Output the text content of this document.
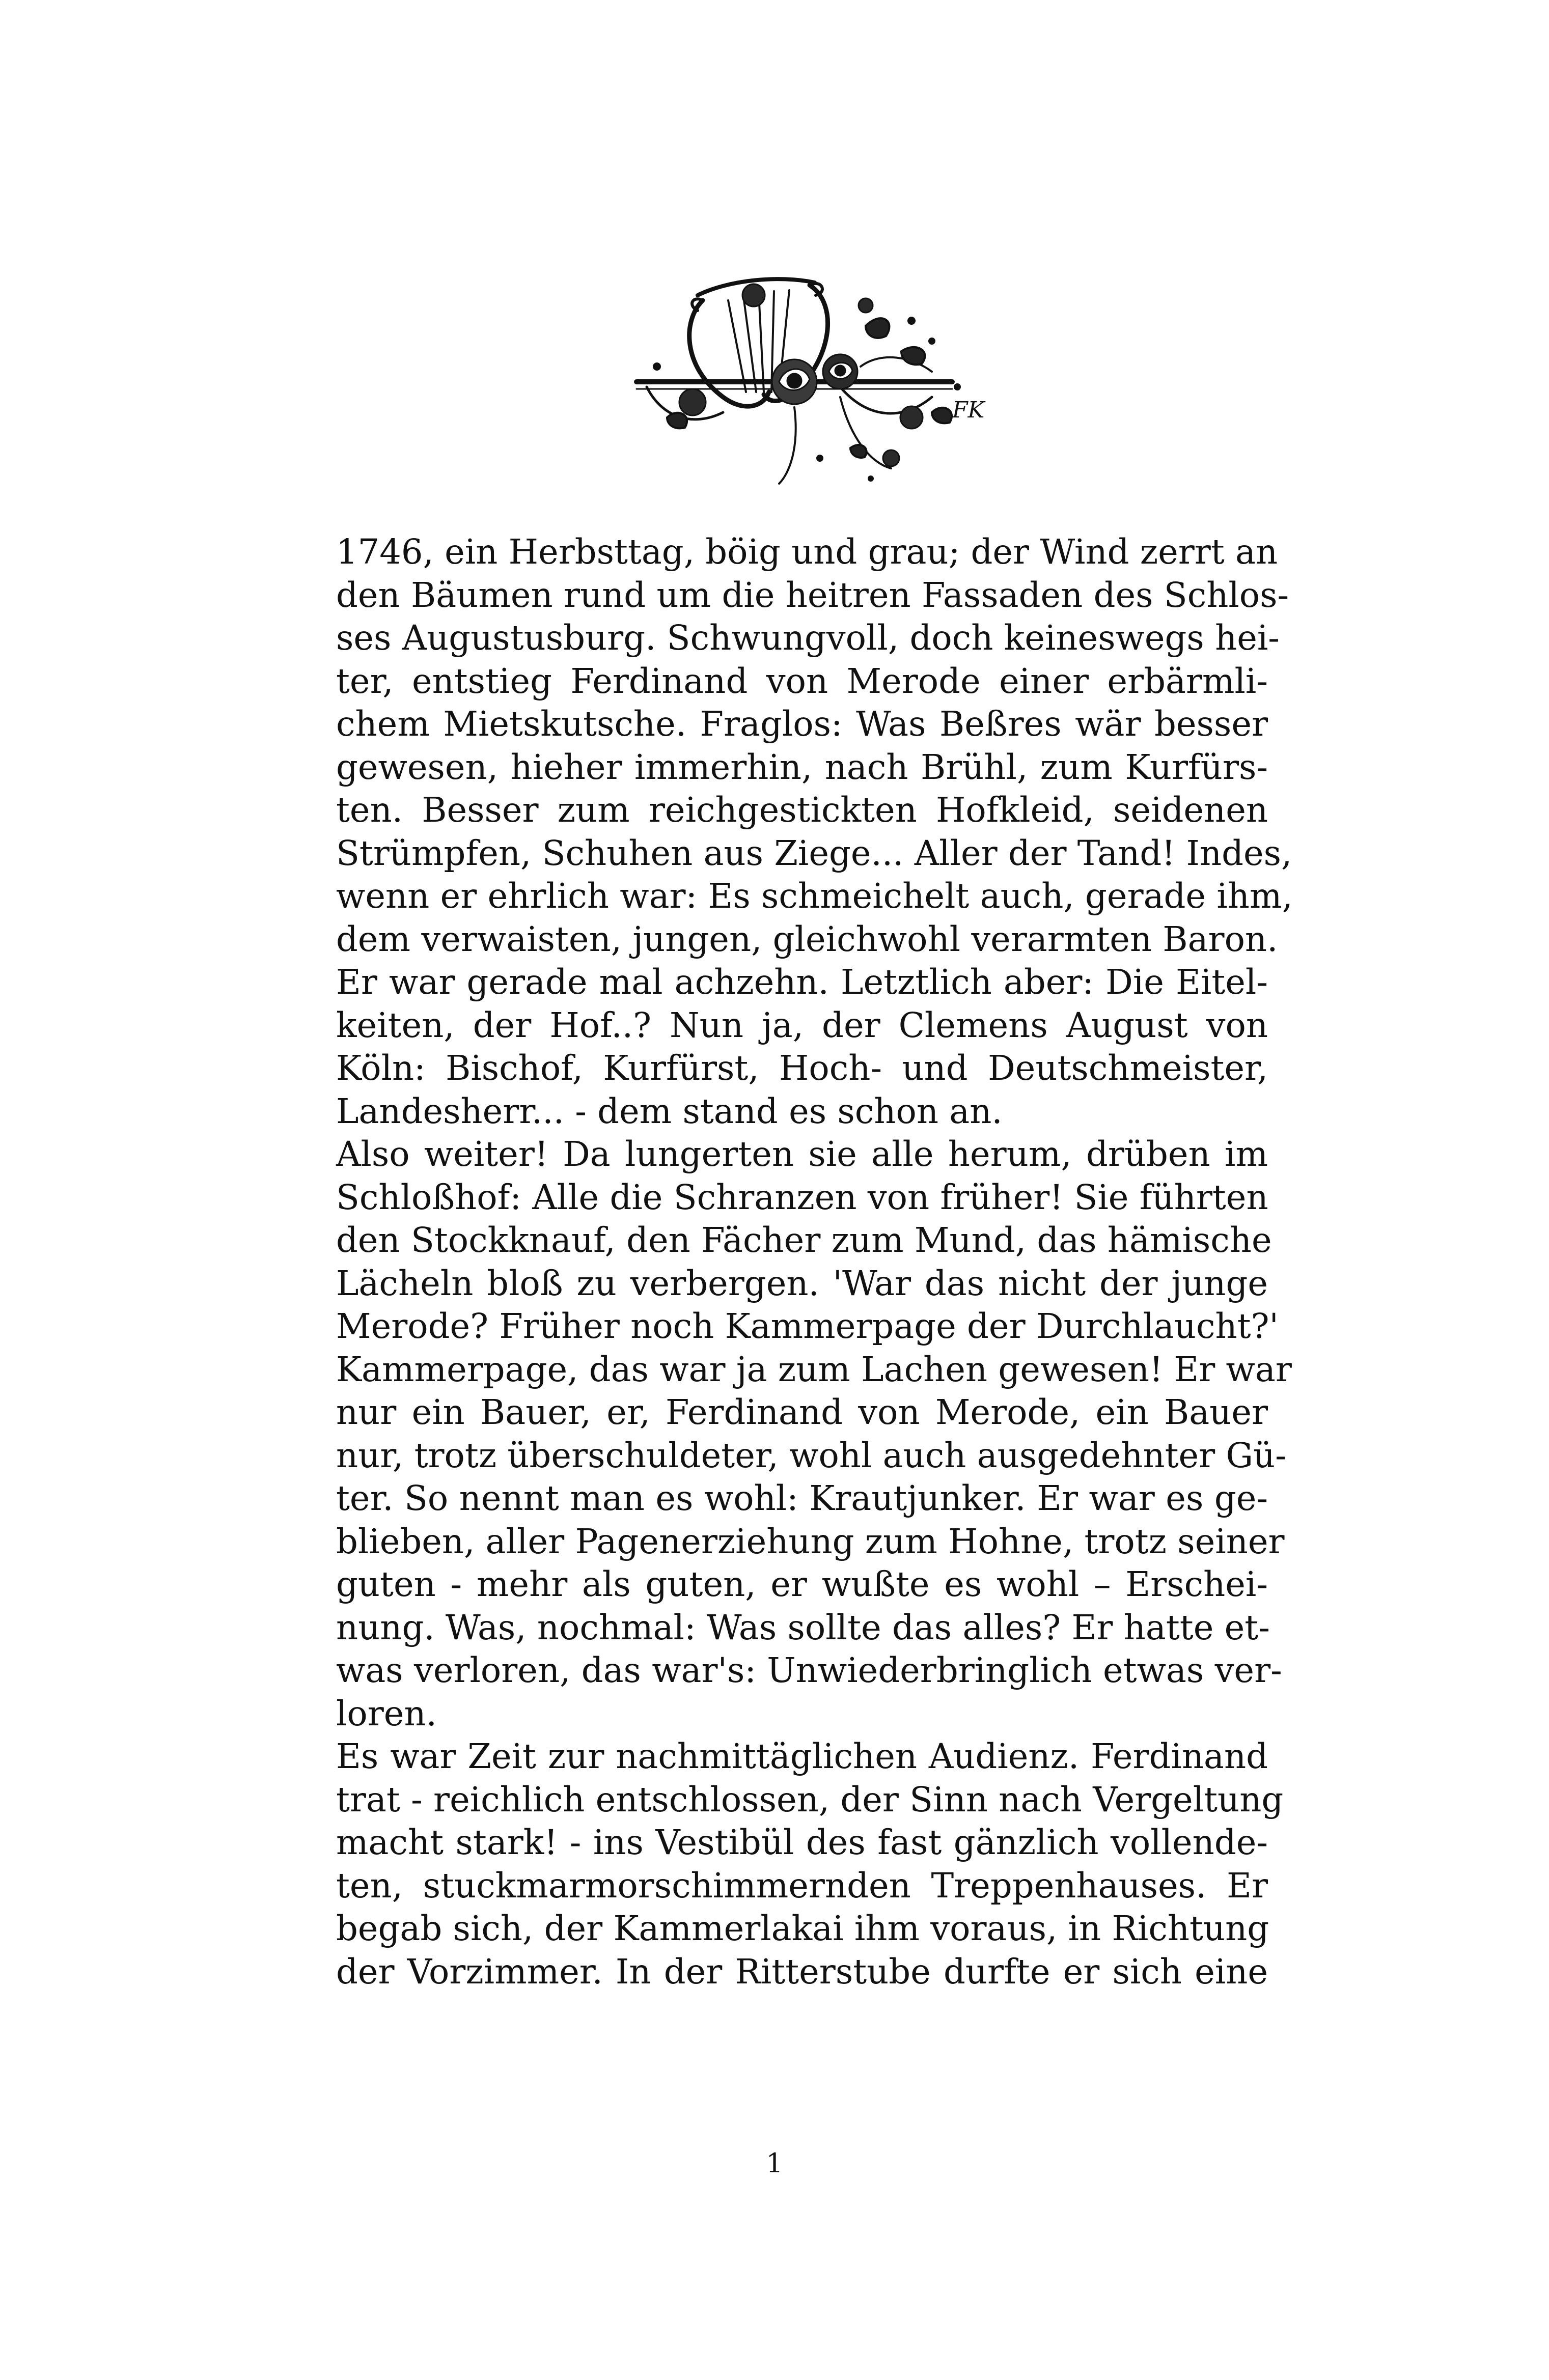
FK
1746, ein Herbsttag, böig und grau; der Wind zerrt an
den Bäumen rund um die heitren Fassaden des Schlos-
ses Augustusburg. Schwungvoll, doch keineswegs hei-
ter, entstieg Ferdinand von Merode einer erbärmli-
chem Mietskutsche. Fraglos: Was Beßres wär besser
gewesen, hieher immerhin, nach Brühl, zum Kurfürs-
ten. Besser zum reichgestickten Hofkleid, seidenen
Strümpfen, Schuhen aus Ziege... Aller der Tand! Indes,
wenn er ehrlich war: Es schmeichelt auch, gerade ihm,
dem verwaisten, jungen, gleichwohl verarmten Baron.
Er war gerade mal achzehn. Letztlich aber: Die Eitel-
keiten, der Hof..? Nun ja, der Clemens August von
Köln: Bischof, Kurfürst, Hoch- und Deutschmeister,
Landesherr... - dem stand es schon an.
Also weiter! Da lungerten sie alle herum, drüben im
Schloßhof: Alle die Schranzen von früher! Sie führten
den Stockknauf, den Fächer zum Mund, das hämische
Lächeln bloß zu verbergen. 'War das nicht der junge
Merode? Früher noch Kammerpage der Durchlaucht?'
Kammerpage, das war ja zum Lachen gewesen! Er war
nur ein Bauer, er, Ferdinand von Merode, ein Bauer
nur, trotz überschuldeter, wohl auch ausgedehnter Gü-
ter. So nennt man es wohl: Krautjunker. Er war es ge-
blieben, aller Pagenerziehung zum Hohne, trotz seiner
guten - mehr als guten, er wußte es wohl – Erschei-
nung. Was, nochmal: Was sollte das alles? Er hatte et-
was verloren, das war's: Unwiederbringlich etwas ver-
loren.
Es war Zeit zur nachmittäglichen Audienz. Ferdinand
trat - reichlich entschlossen, der Sinn nach Vergeltung
macht stark! - ins Vestibül des fast gänzlich vollende-
ten, stuckmarmorschimmernden Treppenhauses. Er
begab sich, der Kammerlakai ihm voraus, in Richtung
der Vorzimmer. In der Ritterstube durfte er sich eine
1
